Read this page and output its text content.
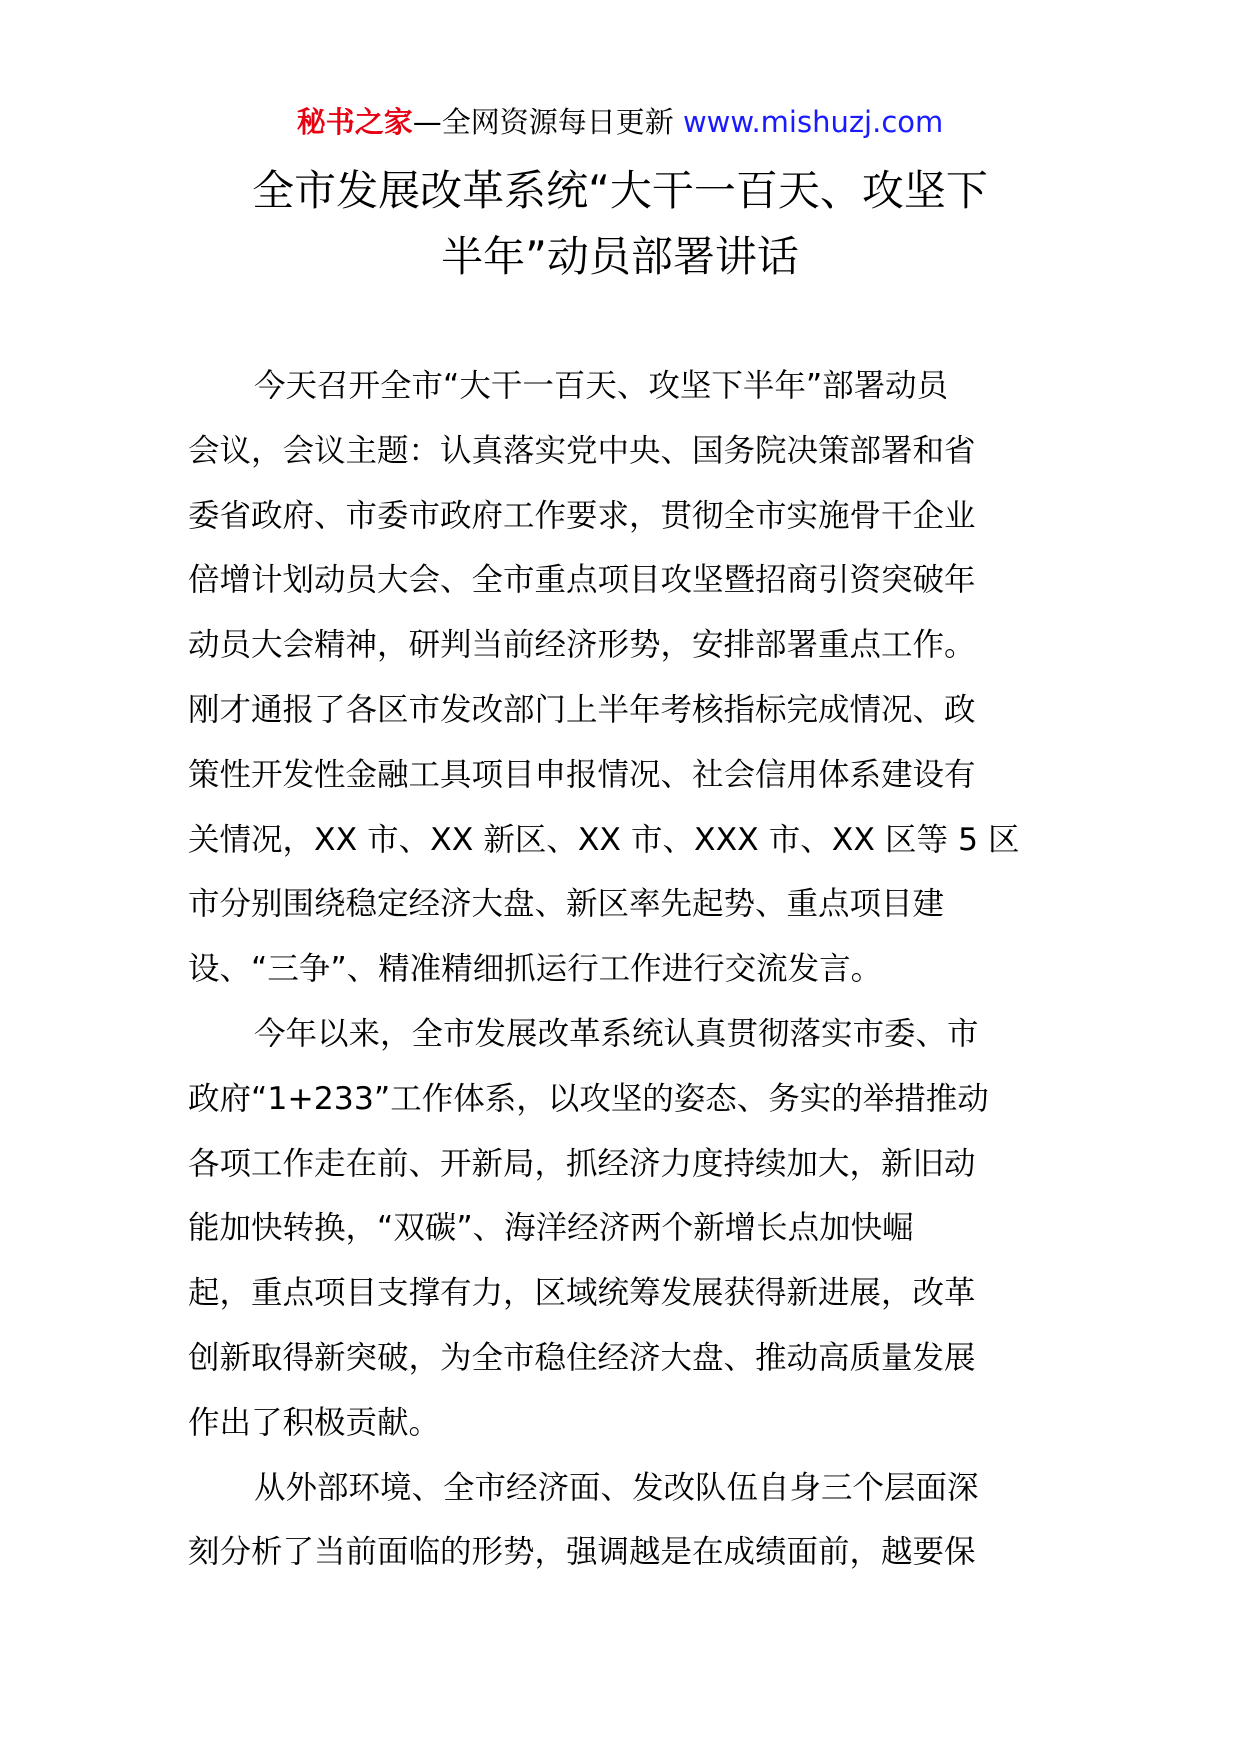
秘书之家—全网资源每日更新 www.mishuzj.com
全市发展改革系统“大干一百天、攻坚下
半年”动员部署讲话
今天召开全市“大干一百天、攻坚下半年”部署动员
会议，会议主题：认真落实党中央、国务院决策部署和省
委省政府、市委市政府工作要求，贯彻全市实施骨干企业
倍增计划动员大会、全市重点项目攻坚暨招商引资突破年
动员大会精神，研判当前经济形势，安排部署重点工作。
刚才通报了各区市发改部门上半年考核指标完成情况、政
策性开发性金融工具项目申报情况、社会信用体系建设有
关情况，XX 市、XX 新区、XX 市、XXX 市、XX 区等 5 区
市分别围绕稳定经济大盘、新区率先起势、重点项目建
设、“三争”、精准精细抓运行工作进行交流发言。
今年以来，全市发展改革系统认真贯彻落实市委、市
政府“1+233”工作体系，以攻坚的姿态、务实的举措推动
各项工作走在前、开新局，抓经济力度持续加大，新旧动
能加快转换，“双碳”、海洋经济两个新增长点加快崛
起，重点项目支撑有力，区域统筹发展获得新进展，改革
创新取得新突破，为全市稳住经济大盘、推动高质量发展
作出了积极贡献。
从外部环境、全市经济面、发改队伍自身三个层面深
刻分析了当前面临的形势，强调越是在成绩面前，越要保
